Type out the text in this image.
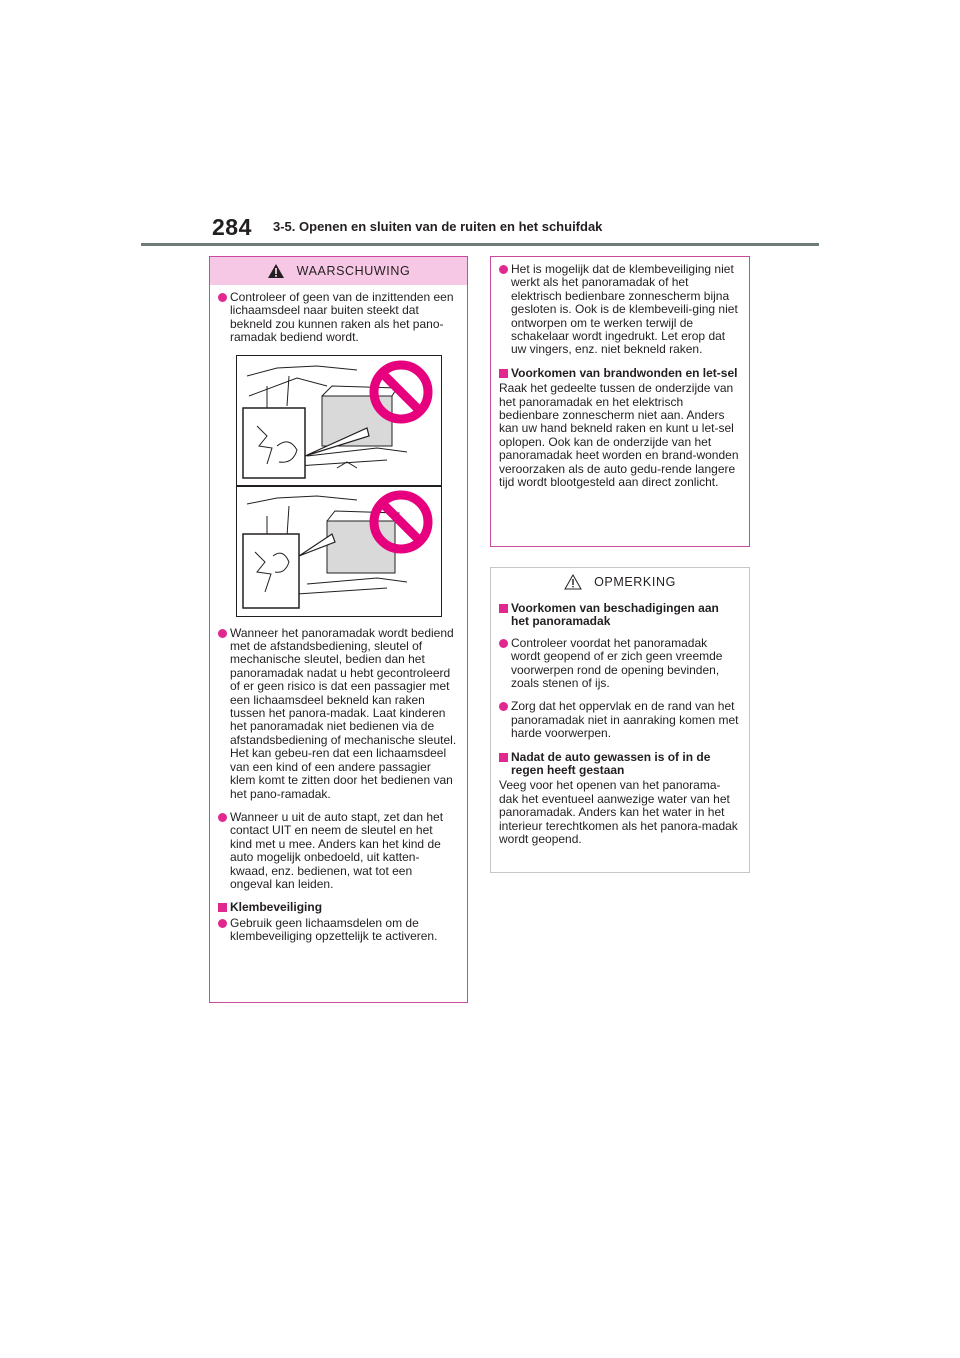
284 3-5. Openen en sluiten van de ruiten en het schuifdak
WAARSCHUWING
Controleer of geen van de inzittenden een lichaamsdeel naar buiten steekt dat bekneld zou kunnen raken als het pano-ramadak bediend wordt.
Wanneer het panoramadak wordt bediend met de afstandsbediening, sleutel of mechanische sleutel, bedien dan het panoramadak nadat u hebt gecontroleerd of er geen risico is dat een passagier met een lichaamsdeel bekneld kan raken tussen het panora-madak. Laat kinderen het panoramadak niet bedienen via de afstandsbediening of mechanische sleutel. Het kan gebeu-ren dat een lichaamsdeel van een kind of een andere passagier klem komt te zitten door het bedienen van het pano-ramadak.
Wanneer u uit de auto stapt, zet dan het contact UIT en neem de sleutel en het kind met u mee. Anders kan het kind de auto mogelijk onbedoeld, uit katten-kwaad, enz. bedienen, wat tot een ongeval kan leiden.
Klembeveiliging
Gebruik geen lichaamsdelen om de klembeveiliging opzettelijk te activeren.
Het is mogelijk dat de klembeveiliging niet werkt als het panoramadak of het elektrisch bedienbare zonnescherm bijna gesloten is. Ook is de klembeveili-ging niet ontworpen om te werken terwijl de schakelaar wordt ingedrukt. Let erop dat uw vingers, enz. niet bekneld raken.
Voorkomen van brandwonden en let-sel
Raak het gedeelte tussen de onderzijde van het panoramadak en het elektrisch bedienbare zonnescherm niet aan. Anders kan uw hand bekneld raken en kunt u let-sel oplopen. Ook kan de onderzijde van het panoramadak heet worden en brand-wonden veroorzaken als de auto gedu-rende langere tijd wordt blootgesteld aan direct zonlicht.
OPMERKING
Voorkomen van beschadigingen aan het panoramadak
Controleer voordat het panoramadak wordt geopend of er zich geen vreemde voorwerpen rond de opening bevinden, zoals stenen of ijs.
Zorg dat het oppervlak en de rand van het panoramadak niet in aanraking komen met harde voorwerpen.
Nadat de auto gewassen is of in de regen heeft gestaan
Veeg voor het openen van het panorama-dak het eventueel aanwezige water van het panoramadak. Anders kan het water in het interieur terechtkomen als het panora-madak wordt geopend.
